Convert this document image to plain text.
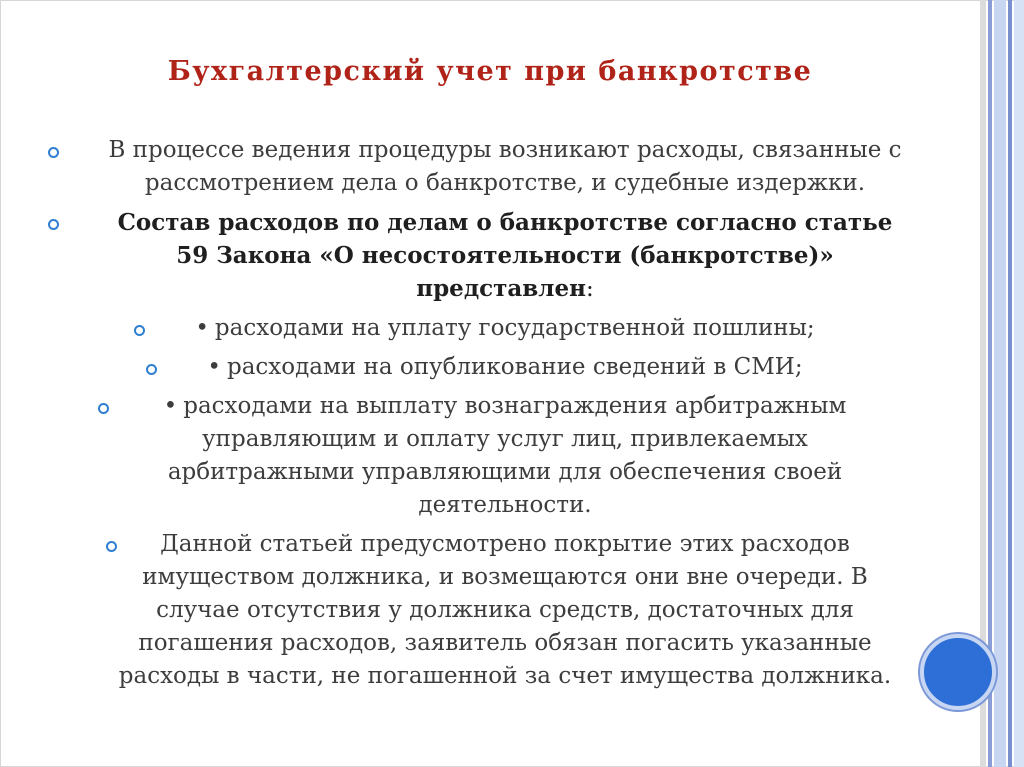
Бухгалтерский учет при банкротстве
В процессе ведения процедуры возникают расходы, связанные с
рассмотрением дела о банкротстве, и судебные издержки.
Состав расходов по делам о банкротстве согласно статье
59 Закона «О несостоятельности (банкротстве)»
представлен:
• расходами на уплату государственной пошлины;
• расходами на опубликование сведений в СМИ;
• расходами на выплату вознаграждения арбитражным
управляющим и оплату услуг лиц, привлекаемых
арбитражными управляющими для обеспечения своей
деятельности.
Данной статьей предусмотрено покрытие этих расходов
имуществом должника, и возмещаются они вне очереди. В
случае отсутствия у должника средств, достаточных для
погашения расходов, заявитель обязан погасить указанные
расходы в части, не погашенной за счет имущества должника.
